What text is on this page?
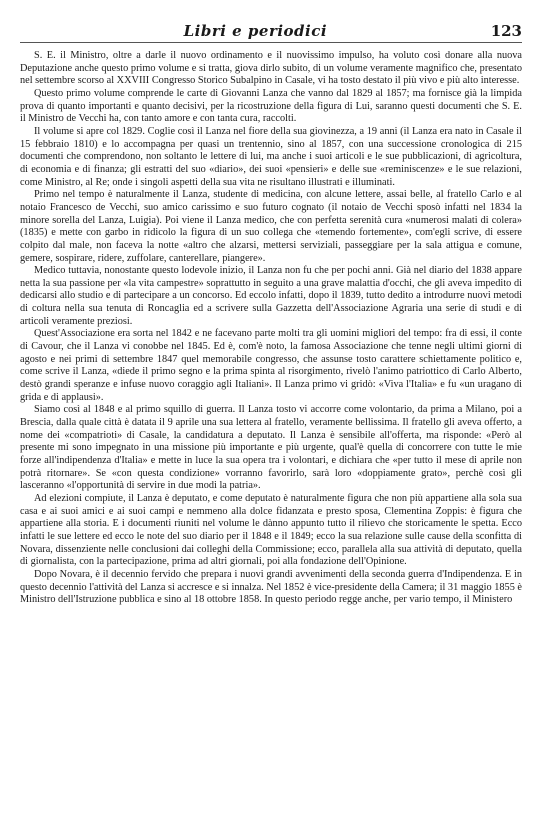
Libri e periodici	123

S. E. il Ministro, oltre a darle il nuovo ordinamento e il nuovissimo impulso, ha voluto così donare alla nuova Deputazione anche questo primo volume e si tratta, giova dirlo subito, di un volume veramente magnifico che, presentato nel settembre scorso al XXVIII Congresso Storico Subalpino in Casale, vi ha tosto destato il più vivo e più alto interesse.

Questo primo volume comprende le carte di Giovanni Lanza che vanno dal 1829 al 1857; ma fornisce già la limpida prova di quanto importanti e quanto decisivi, per la ricostruzione della figura di Lui, saranno questi documenti che S. E. il Ministro de Vecchi ha, con tanto amore e con tanta cura, raccolti.

Il volume si apre col 1829. Coglie così il Lanza nel fiore della sua giovinezza, a 19 anni (il Lanza era nato in Casale il 15 febbraio 1810) e lo accompagna per quasi un trentennio, sino al 1857, con una successione cronologica di 215 documenti che comprendono, non soltanto le lettere di lui, ma anche i suoi articoli e le sue pubblicazioni, di agricoltura, di economia e di finanza; gli estratti del suo «diario», dei suoi «pensieri» e delle sue «reminiscenze» e le sue relazioni, come Ministro, al Re; onde i singoli aspetti della sua vita ne risultano illustrati e illuminati.

Primo nel tempo è naturalmente il Lanza, studente di medicina, con alcune lettere, assai belle, al fratello Carlo e al notaio Francesco de Vecchi, suo amico carissimo e suo futuro cognato (il notaio de Vecchi sposò infatti nel 1834 la minore sorella del Lanza, Luigia). Poi viene il Lanza medico, che con perfetta serenità cura «numerosi malati di colera» (1835) e mette con garbo in ridicolo la figura di un suo collega che «temendo fortemente», com'egli scrive, di essere colpito dal male, non faceva la notte «altro che alzarsi, mettersi serviziali, passeggiare per la sala attigua e comune, gemere, sospirare, ridere, zuffolare, canterellare, piangere».

Medico tuttavia, nonostante questo lodevole inizio, il Lanza non fu che per pochi anni. Già nel diario del 1838 appare netta la sua passione per «la vita campestre» soprattutto in seguito a una grave malattia d'occhi, che gli aveva impedito di dedicarsi allo studio e di partecipare a un concorso. Ed eccolo infatti, dopo il 1839, tutto dedito a introdurre nuovi metodi di coltura nella sua tenuta di Roncaglia ed a scrivere sulla Gazzetta dell'Associazione Agraria una serie di studi e di articoli veramente preziosi.

Quest'Associazione era sorta nel 1842 e ne facevano parte molti tra gli uomini migliori del tempo: fra di essi, il conte di Cavour, che il Lanza vi conobbe nel 1845. Ed è, com'è noto, la famosa Associazione che tenne negli ultimi giorni di agosto e nei primi di settembre 1847 quel memorabile congresso, che assunse tosto carattere schiettamente politico e, come scrive il Lanza, «diede il primo segno e la prima spinta al risorgimento, rivelò l'animo patriottico di Carlo Alberto, destò grandi speranze e infuse nuovo coraggio agli Italiani». Il Lanza primo vi gridò: «Viva l'Italia» e fu «un uragano di grida e di applausi».

Siamo così al 1848 e al primo squillo di guerra. Il Lanza tosto vi accorre come volontario, da prima a Milano, poi a Brescia, dalla quale città è datata il 9 aprile una sua lettera al fratello, veramente bellissima. Il fratello gli aveva offerto, a nome dei «compatrioti» di Casale, la candidatura a deputato. Il Lanza è sensibile all'offerta, ma risponde: «Però al presente mi sono impegnato in una missione più importante e più urgente, qual'è quella di concorrere con tutte le mie forze all'indipendenza d'Italia» e mette in luce la sua opera tra i volontari, e dichiara che «per tutto il mese di aprile non potrà ritornare». Se «con questa condizione» vorranno favorirlo, sarà loro «doppiamente grato», perchè così gli lasceranno «l'opportunità di servire in due modi la patria».

Ad elezioni compiute, il Lanza è deputato, e come deputato è naturalmente figura che non più appartiene alla sola sua casa e ai suoi amici e ai suoi campi e nemmeno alla dolce fidanzata e presto sposa, Clementina Zoppis: è figura che appartiene alla storia. E i documenti riuniti nel volume le dànno appunto tutto il rilievo che storicamente le spetta. Ecco infatti le sue lettere ed ecco le note del suo diario per il 1848 e il 1849; ecco la sua relazione sulle cause della sconfitta di Novara, dissenziente nelle conclusioni dai colleghi della Commissione; ecco, parallela alla sua attività di deputato, quella di giornalista, con la partecipazione, prima ad altri giornali, poi alla fondazione dell'Opinione.

Dopo Novara, è il decennio fervido che prepara i nuovi grandi avvenimenti della seconda guerra d'Indipendenza. E in questo decennio l'attività del Lanza si accresce e si innalza. Nel 1852 è vice-presidente della Camera; il 31 maggio 1855 è Ministro dell'Istruzione pubblica e sino al 18 ottobre 1858. In questo periodo regge anche, per vario tempo, il Ministero
